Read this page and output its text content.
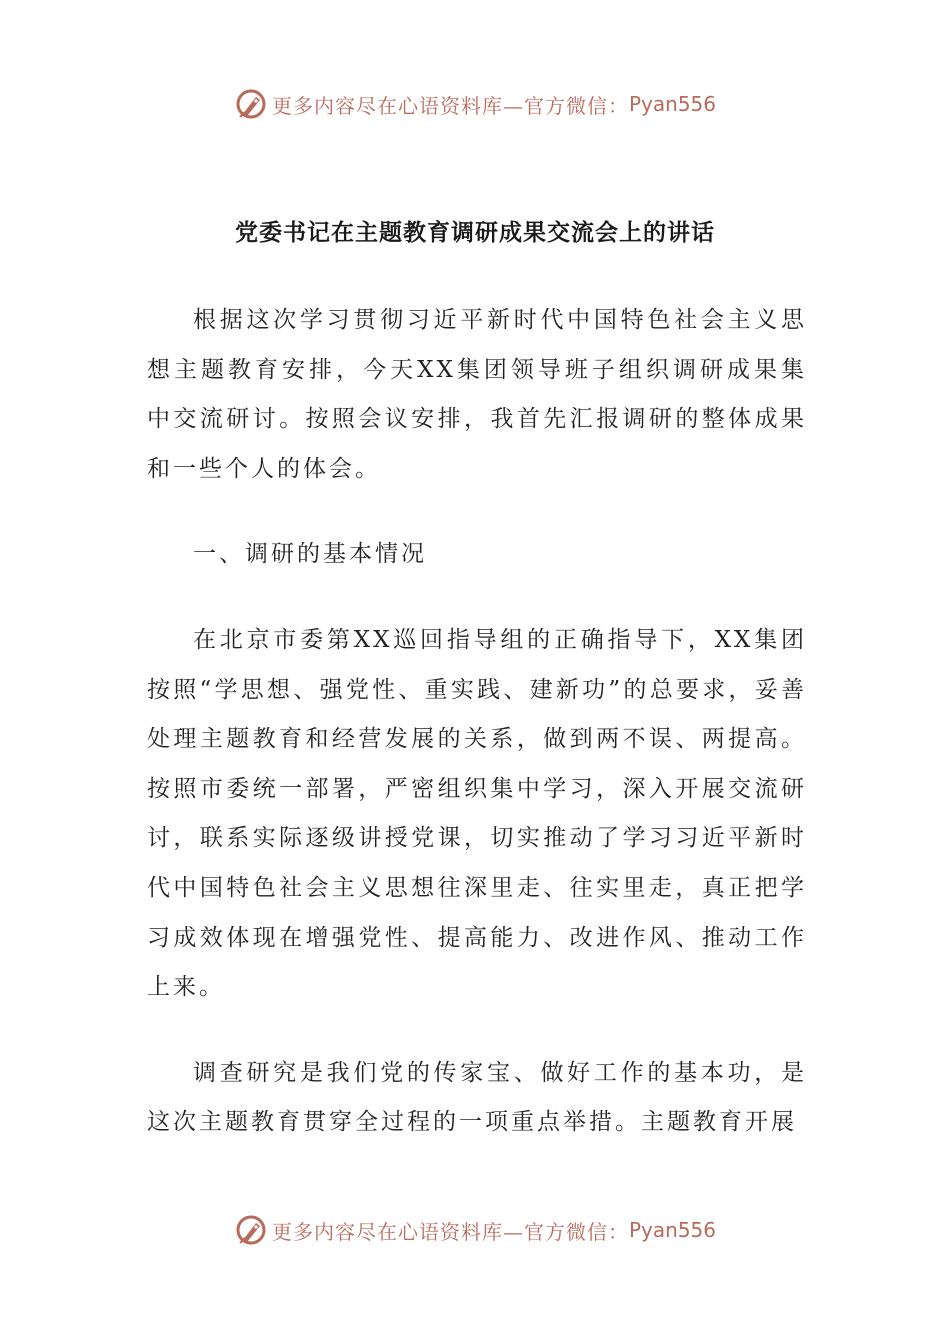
更多内容尽在心语资料库—官方微信： Pyan556
党委书记在主题教育调研成果交流会上的讲话

根据这次学习贯彻习近平新时代中国特色社会主义思想主题教育安排，今天XX集团领导班子组织调研成果集中交流研讨。按照会议安排，我首先汇报调研的整体成果和一些个人的体会。

一、调研的基本情况

在北京市委第XX巡回指导组的正确指导下，XX集团按照“学思想、强党性、重实践、建新功”的总要求，妥善处理主题教育和经营发展的关系，做到两不误、两提高。按照市委统一部署，严密组织集中学习，深入开展交流研讨，联系实际逐级讲授党课，切实推动了学习习近平新时代中国特色社会主义思想往深里走、往实里走，真正把学习成效体现在增强党性、提高能力、改进作风、推动工作上来。

调查研究是我们党的传家宝、做好工作的基本功，是这次主题教育贯穿全过程的一项重点举措。主题教育开展

更多内容尽在心语资料库—官方微信： Pyan556
